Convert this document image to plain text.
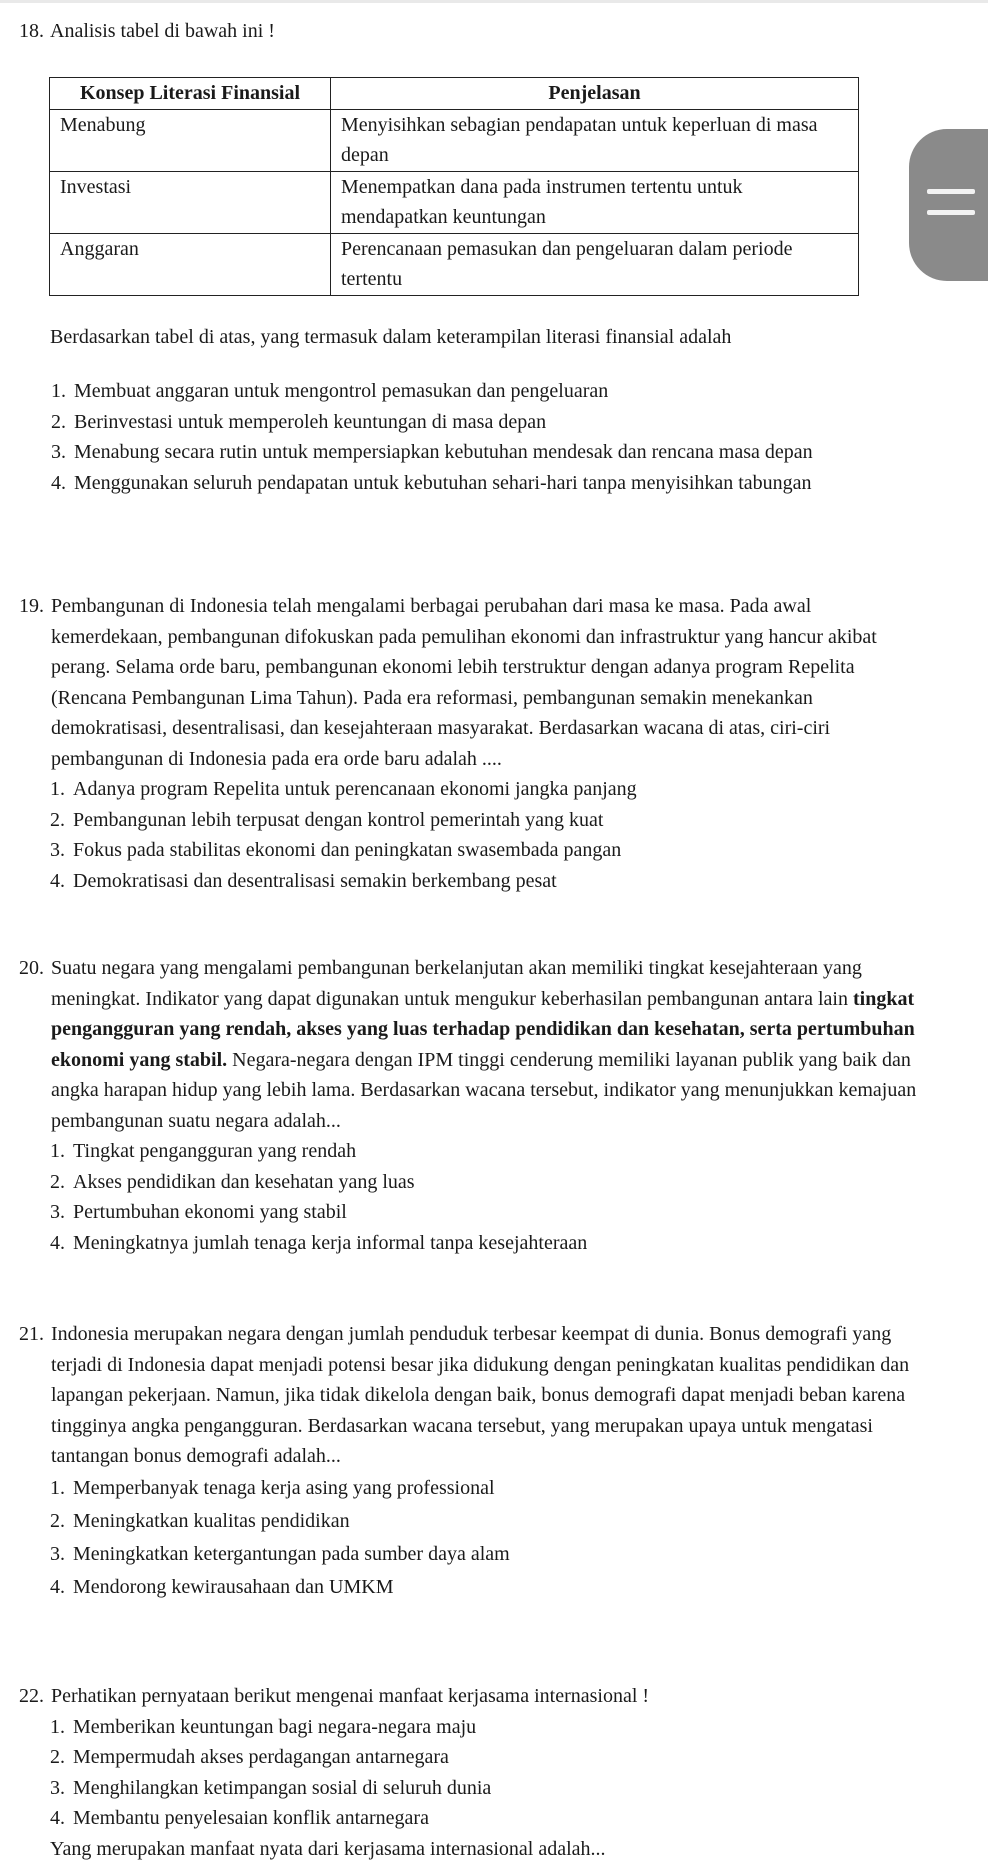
18. Analisis tabel di bawah ini !
Konsep Literasi Finansial	Penjelasan
Menabung	Menyisihkan sebagian pendapatan untuk keperluan di masa depan
Investasi	Menempatkan dana pada instrumen tertentu untuk mendapatkan keuntungan
Anggaran	Perencanaan pemasukan dan pengeluaran dalam periode tertentu
Berdasarkan tabel di atas, yang termasuk dalam keterampilan literasi finansial adalah
1. Membuat anggaran untuk mengontrol pemasukan dan pengeluaran
2. Berinvestasi untuk memperoleh keuntungan di masa depan
3. Menabung secara rutin untuk mempersiapkan kebutuhan mendesak dan rencana masa depan
4. Menggunakan seluruh pendapatan untuk kebutuhan sehari-hari tanpa menyisihkan tabungan
19. Pembangunan di Indonesia telah mengalami berbagai perubahan dari masa ke masa. Pada awal kemerdekaan, pembangunan difokuskan pada pemulihan ekonomi dan infrastruktur yang hancur akibat perang. Selama orde baru, pembangunan ekonomi lebih terstruktur dengan adanya program Repelita (Rencana Pembangunan Lima Tahun). Pada era reformasi, pembangunan semakin menekankan demokratisasi, desentralisasi, dan kesejahteraan masyarakat. Berdasarkan wacana di atas, ciri-ciri pembangunan di Indonesia pada era orde baru adalah ....
1. Adanya program Repelita untuk perencanaan ekonomi jangka panjang
2. Pembangunan lebih terpusat dengan kontrol pemerintah yang kuat
3. Fokus pada stabilitas ekonomi dan peningkatan swasembada pangan
4. Demokratisasi dan desentralisasi semakin berkembang pesat
20. Suatu negara yang mengalami pembangunan berkelanjutan akan memiliki tingkat kesejahteraan yang meningkat. Indikator yang dapat digunakan untuk mengukur keberhasilan pembangunan antara lain tingkat pengangguran yang rendah, akses yang luas terhadap pendidikan dan kesehatan, serta pertumbuhan ekonomi yang stabil. Negara-negara dengan IPM tinggi cenderung memiliki layanan publik yang baik dan angka harapan hidup yang lebih lama. Berdasarkan wacana tersebut, indikator yang menunjukkan kemajuan pembangunan suatu negara adalah...
1. Tingkat pengangguran yang rendah
2. Akses pendidikan dan kesehatan yang luas
3. Pertumbuhan ekonomi yang stabil
4. Meningkatnya jumlah tenaga kerja informal tanpa kesejahteraan
21. Indonesia merupakan negara dengan jumlah penduduk terbesar keempat di dunia. Bonus demografi yang terjadi di Indonesia dapat menjadi potensi besar jika didukung dengan peningkatan kualitas pendidikan dan lapangan pekerjaan. Namun, jika tidak dikelola dengan baik, bonus demografi dapat menjadi beban karena tingginya angka pengangguran. Berdasarkan wacana tersebut, yang merupakan upaya untuk mengatasi tantangan bonus demografi adalah...
1. Memperbanyak tenaga kerja asing yang professional
2. Meningkatkan kualitas pendidikan
3. Meningkatkan ketergantungan pada sumber daya alam
4. Mendorong kewirausahaan dan UMKM
22. Perhatikan pernyataan berikut mengenai manfaat kerjasama internasional !
1. Memberikan keuntungan bagi negara-negara maju
2. Mempermudah akses perdagangan antarnegara
3. Menghilangkan ketimpangan sosial di seluruh dunia
4. Membantu penyelesaian konflik antarnegara
Yang merupakan manfaat nyata dari kerjasama internasional adalah...
